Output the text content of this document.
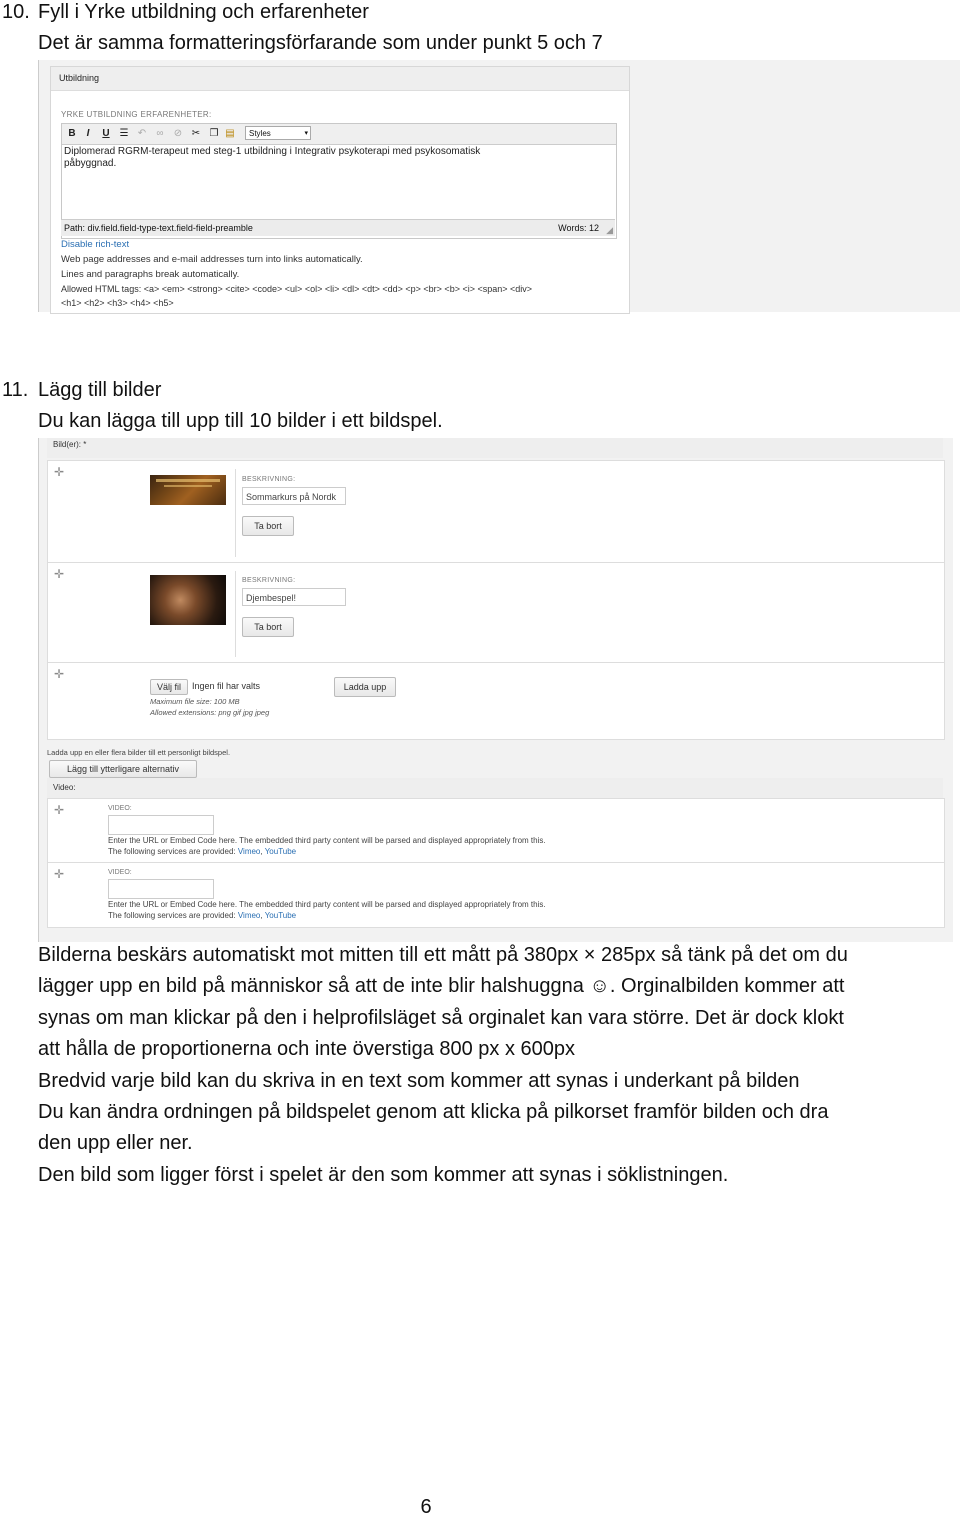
10. Fyll i Yrke utbildning och erfarenheter
Det är samma formatteringsförfarande som under punkt 5 och 7
Utbildning
YRKE UTBILDNING ERFARENHETER:
B	I	U ☰ ↶ ∞ ⊘ ✂ ❐ ▤	Styles	▾
Diplomerad RGRM-terapeut med steg-1 utbildning i Integrativ psykoterapi med psykosomatisk
påbyggnad.
Path: div.field.field-type-text.field-field-preamble	Words: 12 ◢
Disable rich-text
Web page addresses and e-mail addresses turn into links automatically.
Lines and paragraphs break automatically.
Allowed HTML tags: <a> <em> <strong> <cite> <code> <ul> <ol> <li> <dl> <dt> <dd> <p> <br> <b> <i> <span> <div>
<h1> <h2> <h3> <h4> <h5>
11. Lägg till bilder
Du kan lägga till upp till 10 bilder i ett bildspel.
Bild(er): *
✛
BESKRIVNING:
Sommarkurs på Nordk
Ta bort
✛	BESKRIVNING:
Djembespel!
Ta bort
✛
Välj fil	Ingen fil har valts	Ladda upp
Maximum file size: 100 MB
Allowed extensions: png gif jpg jpeg
Ladda upp en eller flera bilder till ett personligt bildspel.
Lägg till ytterligare alternativ
Video:
✛	VIDEO:
Enter the URL or Embed Code here. The embedded third party content will be parsed and displayed appropriately from this.
The following services are provided: Vimeo, YouTube
✛	VIDEO:
Enter the URL or Embed Code here. The embedded third party content will be parsed and displayed appropriately from this.
The following services are provided: Vimeo, YouTube
Bilderna beskärs automatiskt mot mitten till ett mått på 380px × 285px så tänk på det om du
lägger upp en bild på människor så att de inte blir halshuggna ☺. Orginalbilden kommer att
synas om man klickar på den i helprofilsläget så orginalet kan vara större. Det är dock klokt
att hålla de proportionerna och inte överstiga 800 px x 600px
Bredvid varje bild kan du skriva in en text som kommer att synas i underkant på bilden
Du kan ändra ordningen på bildspelet genom att klicka på pilkorset framför bilden och dra
den upp eller ner.
Den bild som ligger först i spelet är den som kommer att synas i söklistningen.
6
